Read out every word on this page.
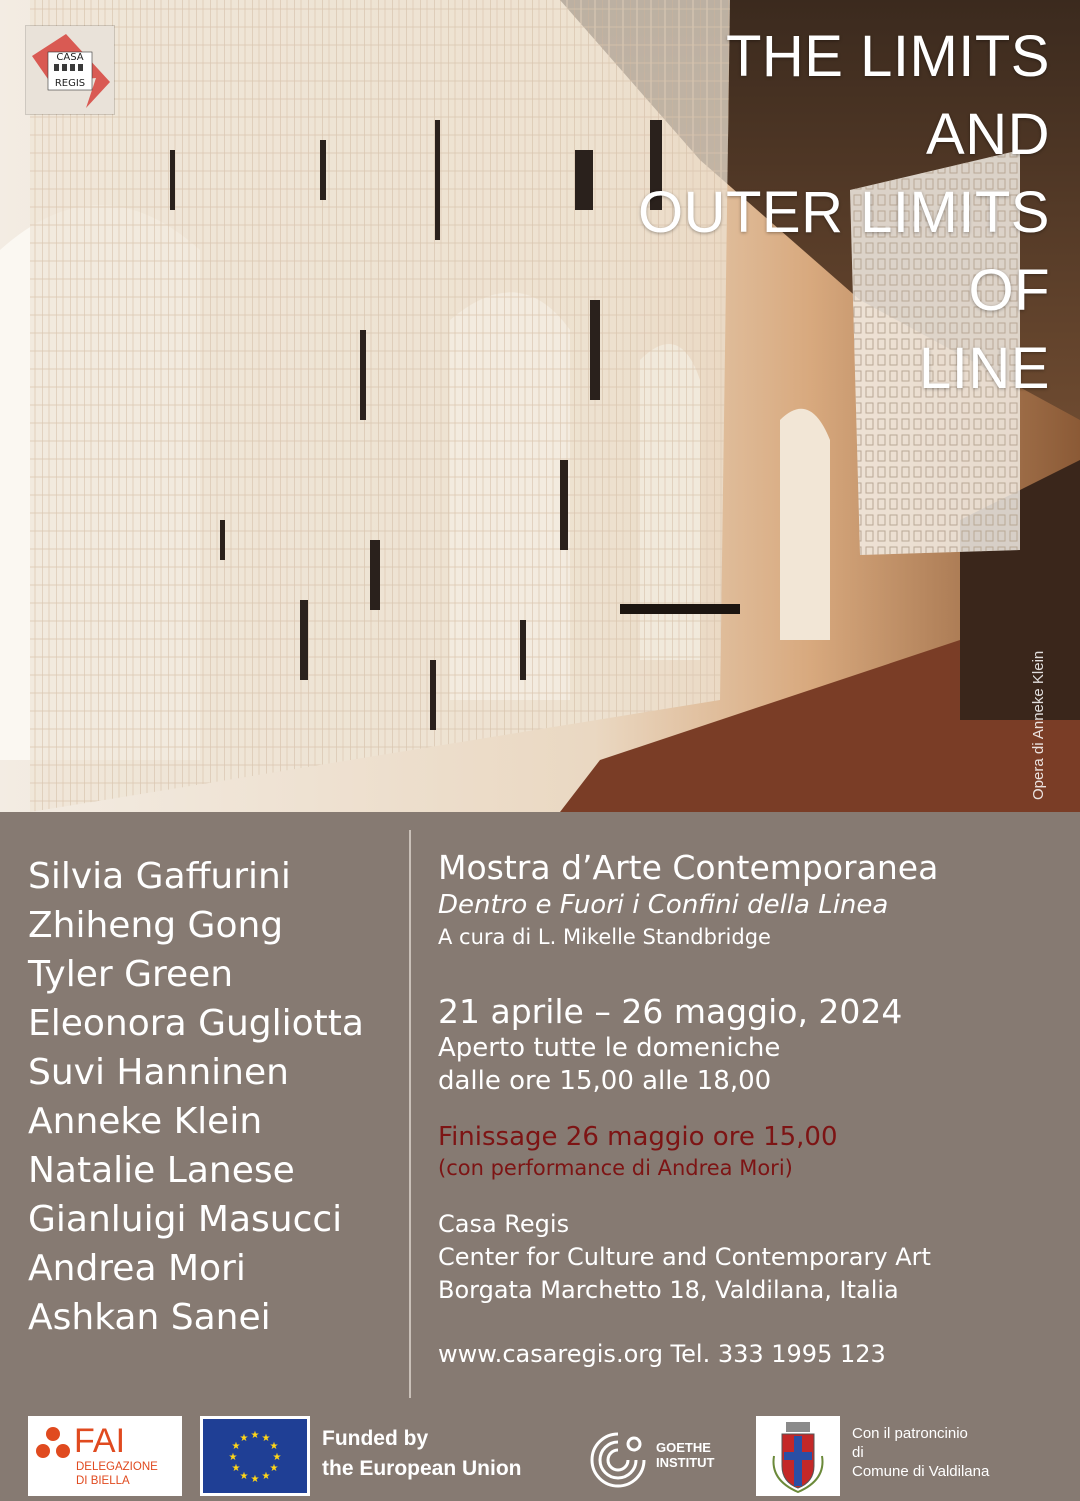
CASA
REGIS	THE LIMITS
AND
OUTER LIMITS
OF
LINE
Opera di Anneke Klein
Silvia Gaffurini
Zhiheng Gong
Tyler Green
Eleonora Gugliotta
Suvi Hanninen
Anneke Klein
Natalie Lanese
Gianluigi Masucci
Andrea Mori
Ashkan Sanei
Mostra d’Arte Contemporanea
Dentro e Fuori i Confini della Linea
A cura di L. Mikelle Standbridge
21 aprile – 26 maggio, 2024
Aperto tutte le domeniche
dalle ore 15,00 alle 18,00
Finissage 26 maggio ore 15,00
(con performance di Andrea Mori)
Casa Regis
Center for Culture and Contemporary Art
Borgata Marchetto 18, Valdilana, Italia
www.casaregis.org Tel. 333 1995 123
FAI
DELEGAZIONE
DI BIELLA
★ ★
★
★
★
★
★
★
★
★
★
★	Funded by
the European Union
GOETHE
INSTITUT
Con il patroncinio
di
Comune di Valdilana
